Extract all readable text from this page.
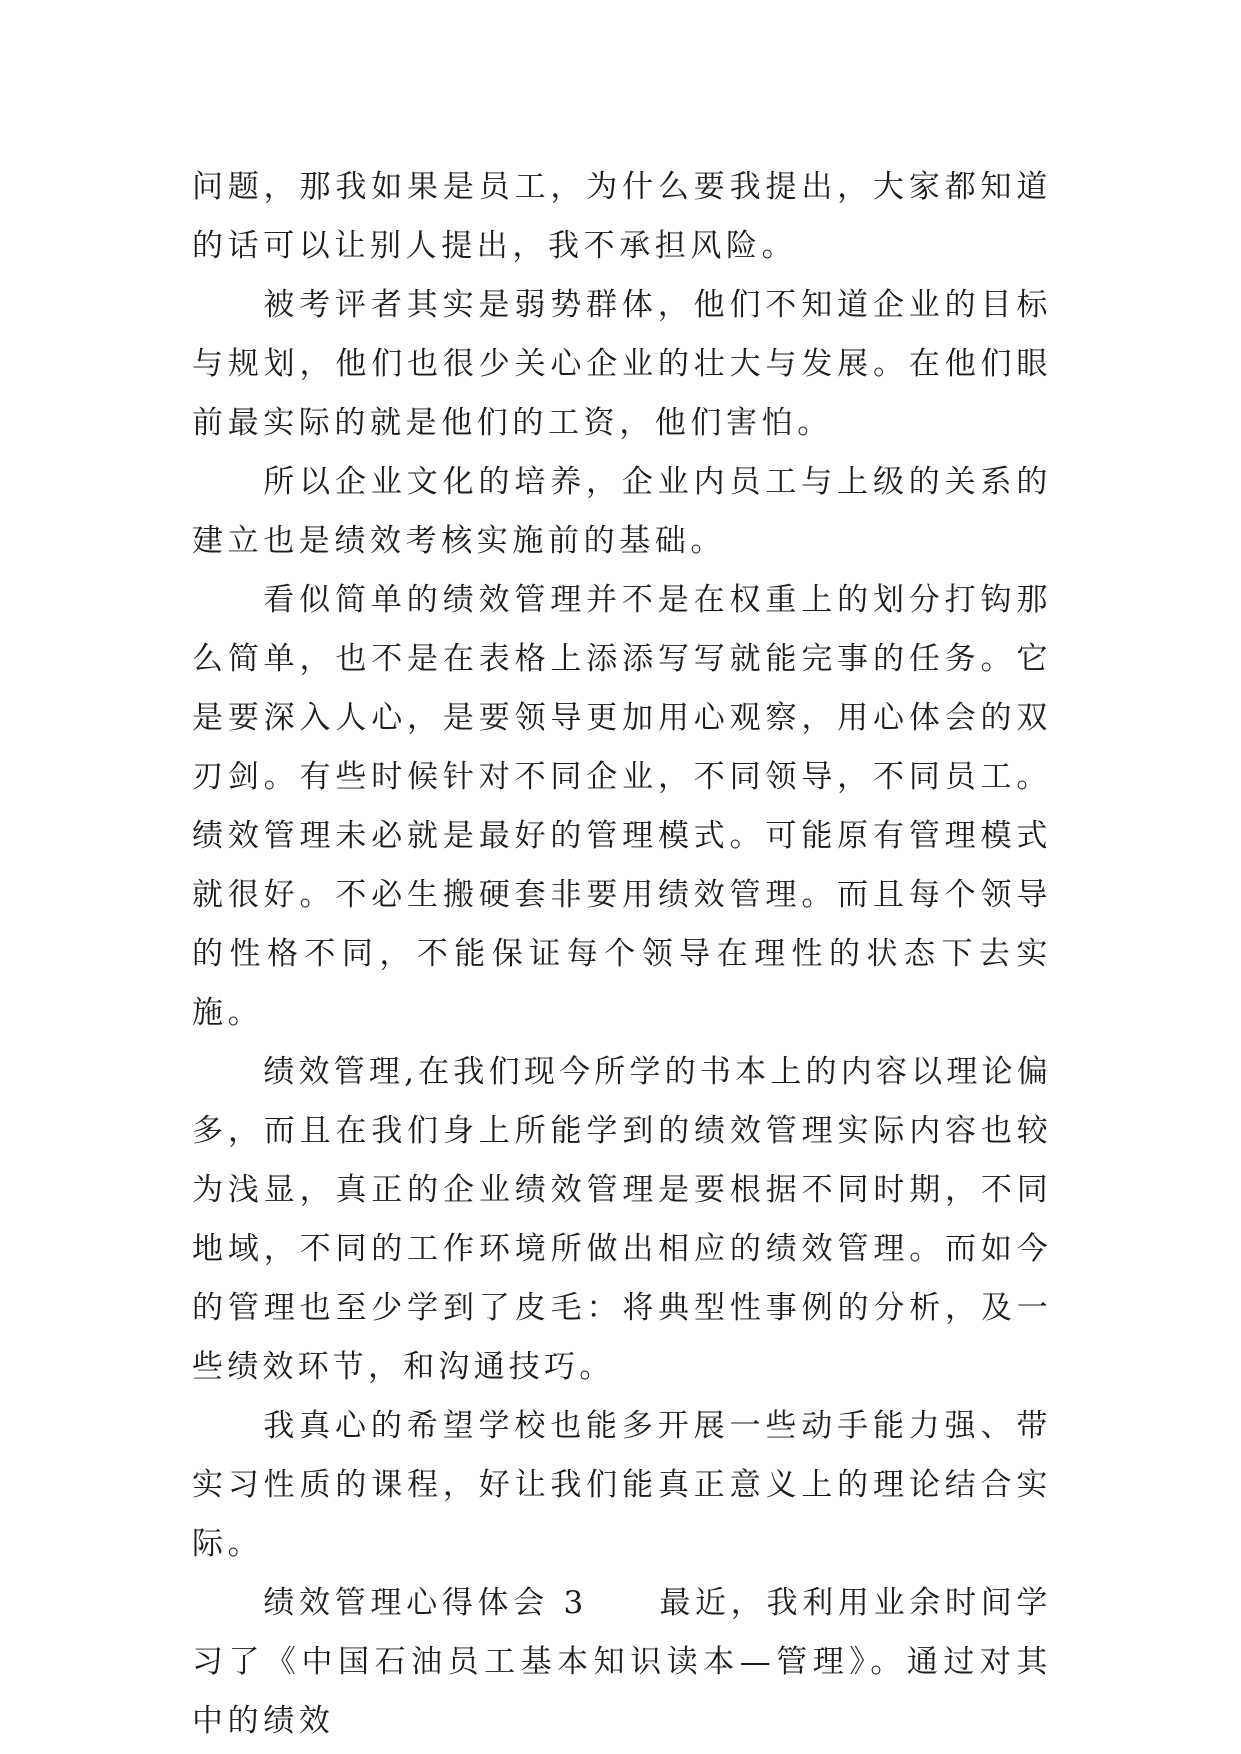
问题，那我如果是员工，为什么要我提出，大家都知道的话可以让别人提出，我不承担风险。

被考评者其实是弱势群体，他们不知道企业的目标与规划，他们也很少关心企业的壮大与发展。在他们眼前最实际的就是他们的工资，他们害怕。

所以企业文化的培养，企业内员工与上级的关系的建立也是绩效考核实施前的基础。

看似简单的绩效管理并不是在权重上的划分打钩那么简单，也不是在表格上添添写写就能完事的任务。它是要深入人心，是要领导更加用心观察，用心体会的双刃剑。有些时候针对不同企业，不同领导，不同员工。绩效管理未必就是最好的管理模式。可能原有管理模式就很好。不必生搬硬套非要用绩效管理。而且每个领导的性格不同，不能保证每个领导在理性的状态下去实施。

绩效管理,在我们现今所学的书本上的内容以理论偏多，而且在我们身上所能学到的绩效管理实际内容也较为浅显，真正的企业绩效管理是要根据不同时期，不同地域，不同的工作环境所做出相应的绩效管理。而如今的管理也至少学到了皮毛：将典型性事例的分析，及一些绩效环节，和沟通技巧。

我真心的希望学校也能多开展一些动手能力强、带实习性质的课程，好让我们能真正意义上的理论结合实际。

绩效管理心得体会 3　　最近，我利用业余时间学习了《中国石油员工基本知识读本—管理》。通过对其中的绩效
